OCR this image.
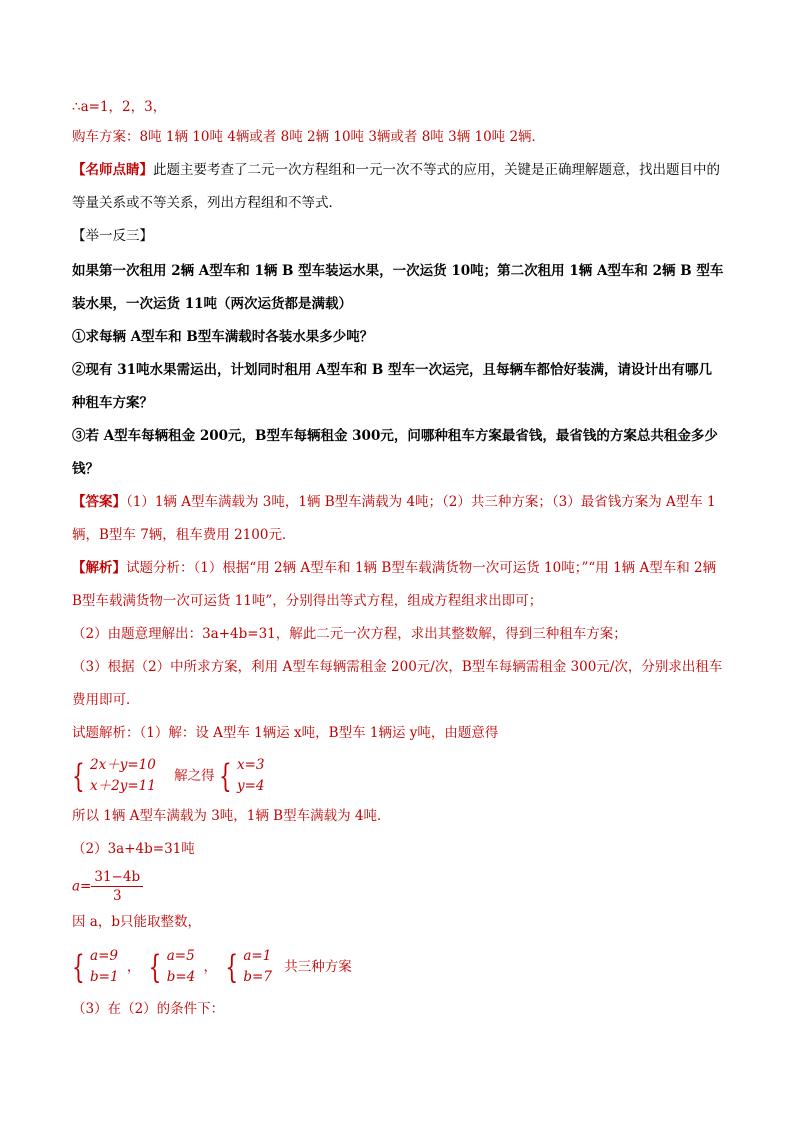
∴a=1，2，3，
购车方案：8吨 1辆 10吨 4辆或者 8吨 2辆 10吨 3辆或者 8吨 3辆 10吨 2辆．
【名师点睛】此题主要考查了二元一次方程组和一元一次不等式的应用，关键是正确理解题意，找出题目中的等量关系或不等关系，列出方程组和不等式．
【举一反三】
如果第一次租用 2辆 A型车和 1辆 B 型车装运水果，一次运货 10吨；第二次租用 1辆 A型车和 2辆 B 型车装水果，一次运货 11吨（两次运货都是满载）
①求每辆 A型车和 B型车满载时各装水果多少吨？
②现有 31吨水果需运出，计划同时租用 A型车和 B 型车一次运完，且每辆车都恰好装满，请设计出有哪几种租车方案？
③若 A型车每辆租金 200元，B型车每辆租金 300元，问哪种租车方案最省钱，最省钱的方案总共租金多少钱？
【答案】（1）1辆 A型车满载为 3吨，1辆 B型车满载为 4吨；（2）共三种方案；（3）最省钱方案为 A型车 1辆，B型车 7辆，租车费用 2100元．
【解析】试题分析：（1）根据“用 2辆 A型车和 1辆 B型车载满货物一次可运货 10吨；”“用 1辆 A型车和 2辆 B型车载满货物一次可运货 11吨”，分别得出等式方程，组成方程组求出即可；
（2）由题意理解出：3a+4b=31，解此二元一次方程，求出其整数解，得到三种租车方案；
（3）根据（2）中所求方案，利用 A型车每辆需租金 200元/次，B型车每辆需租金 300元/次，分别求出租车费用即可．
试题解析：（1）解：设 A型车 1辆运 x吨，B型车 1辆运 y吨，由题意得
{ 2x＋y=10
x＋2y=11
解之得 { x=3
y=4
所以 1辆 A型车满载为 3吨，1辆 B型车满载为 4吨．
（2）3a+4b=31吨
$a= \frac{31-4b}{3}$
因 a，b只能取整数，
{ a=9
b=1
， { a=5
b=4
， { a=1
b=7
共三种方案
（3）在（2）的条件下：
